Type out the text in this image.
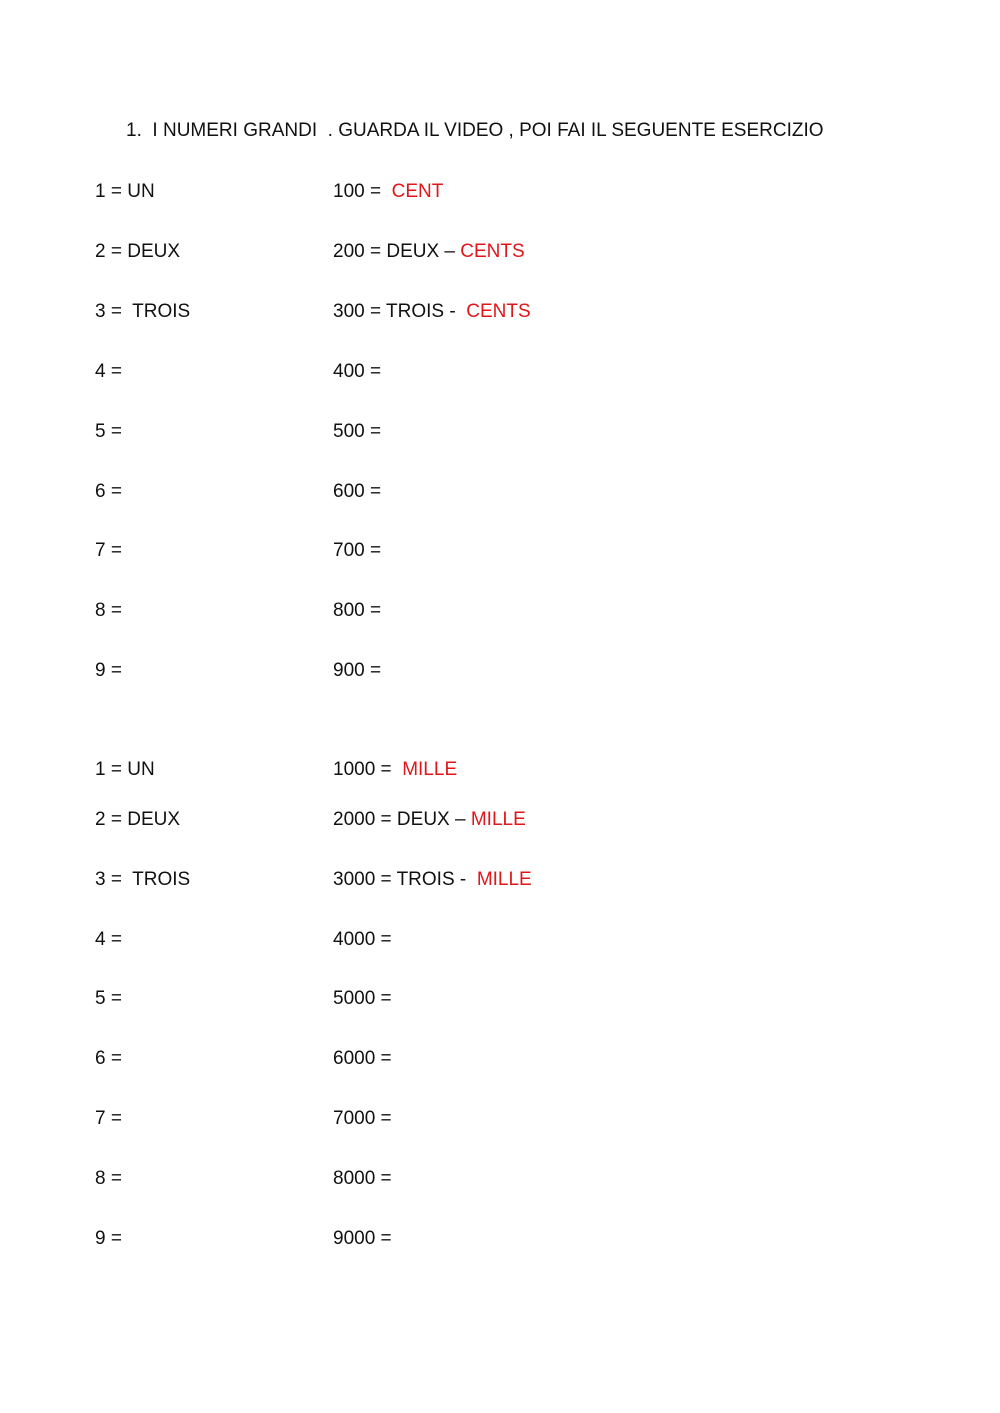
1. I NUMERI GRANDI  . GUARDA IL VIDEO , POI FAI IL SEGUENTE ESERCIZIO
1 = UN	100 =  CENT
2 = DEUX	200 = DEUX – CENTS
3 =  TROIS	300 = TROIS -  CENTS
4 =	400 =
5 =	500 =
6 =	600 =
7 =	700 =
8 =	800 =
9 =	900 =
1 = UN	1000 =  MILLE
2 = DEUX	2000 = DEUX – MILLE
3 =  TROIS	3000 = TROIS -  MILLE
4 =	4000 =
5 =	5000 =
6 =	6000 =
7 =	7000 =
8 =	8000 =
9 =	9000 =
